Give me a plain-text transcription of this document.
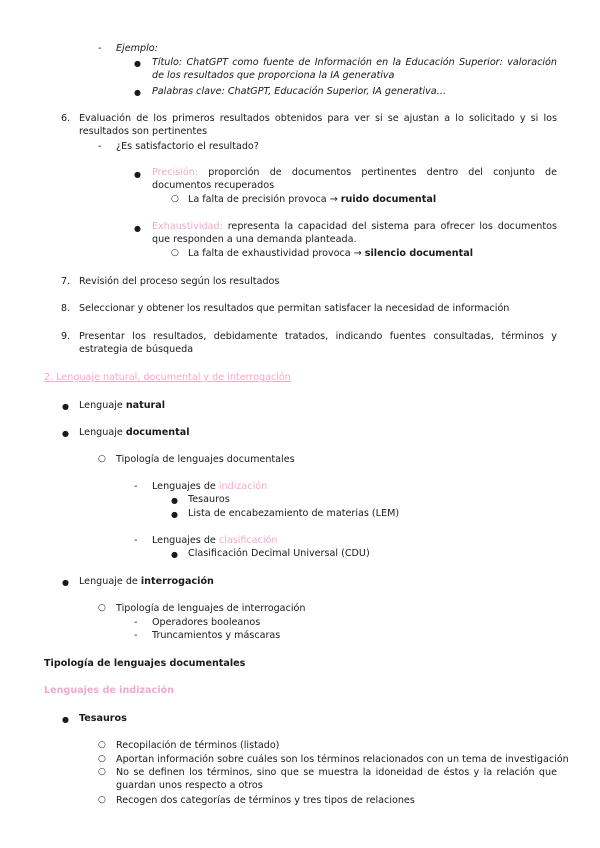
- Ejemplo:
● Título: ChatGPT como fuente de Información en la Educación Superior: valoración de los resultados que proporciona la IA generativa
● Palabras clave: ChatGPT, Educación Superior, IA generativa…
6. Evaluación de los primeros resultados obtenidos para ver si se ajustan a lo solicitado y si los resultados son pertinentes
- ¿Es satisfactorio el resultado?
● Precisión: proporción de documentos pertinentes dentro del conjunto de documentos recuperados
○ La falta de precisión provoca → ruido documental
● Exhaustividad: representa la capacidad del sistema para ofrecer los documentos que responden a una demanda planteada.
○ La falta de exhaustividad provoca → silencio documental
7. Revisión del proceso según los resultados
8. Seleccionar y obtener los resultados que permitan satisfacer la necesidad de información
9. Presentar los resultados, debidamente tratados, indicando fuentes consultadas, términos y estrategia de búsqueda
2. Lenguaje natural, documental y de interrogación
● Lenguaje natural
● Lenguaje documental
○ Tipología de lenguajes documentales
- Lenguajes de indización
● Tesauros
● Lista de encabezamiento de materias (LEM)
- Lenguajes de clasificación
● Clasificación Decimal Universal (CDU)
● Lenguaje de interrogación
○ Tipología de lenguajes de interrogación
- Operadores booleanos
- Truncamientos y máscaras
Tipología de lenguajes documentales
Lenguajes de indización
● Tesauros
○ Recopilación de términos (listado)
○ Aportan información sobre cuáles son los términos relacionados con un tema de investigación
○ No se definen los términos, sino que se muestra la idoneidad de éstos y la relación que guardan unos respecto a otros
○ Recogen dos categorías de términos y tres tipos de relaciones
